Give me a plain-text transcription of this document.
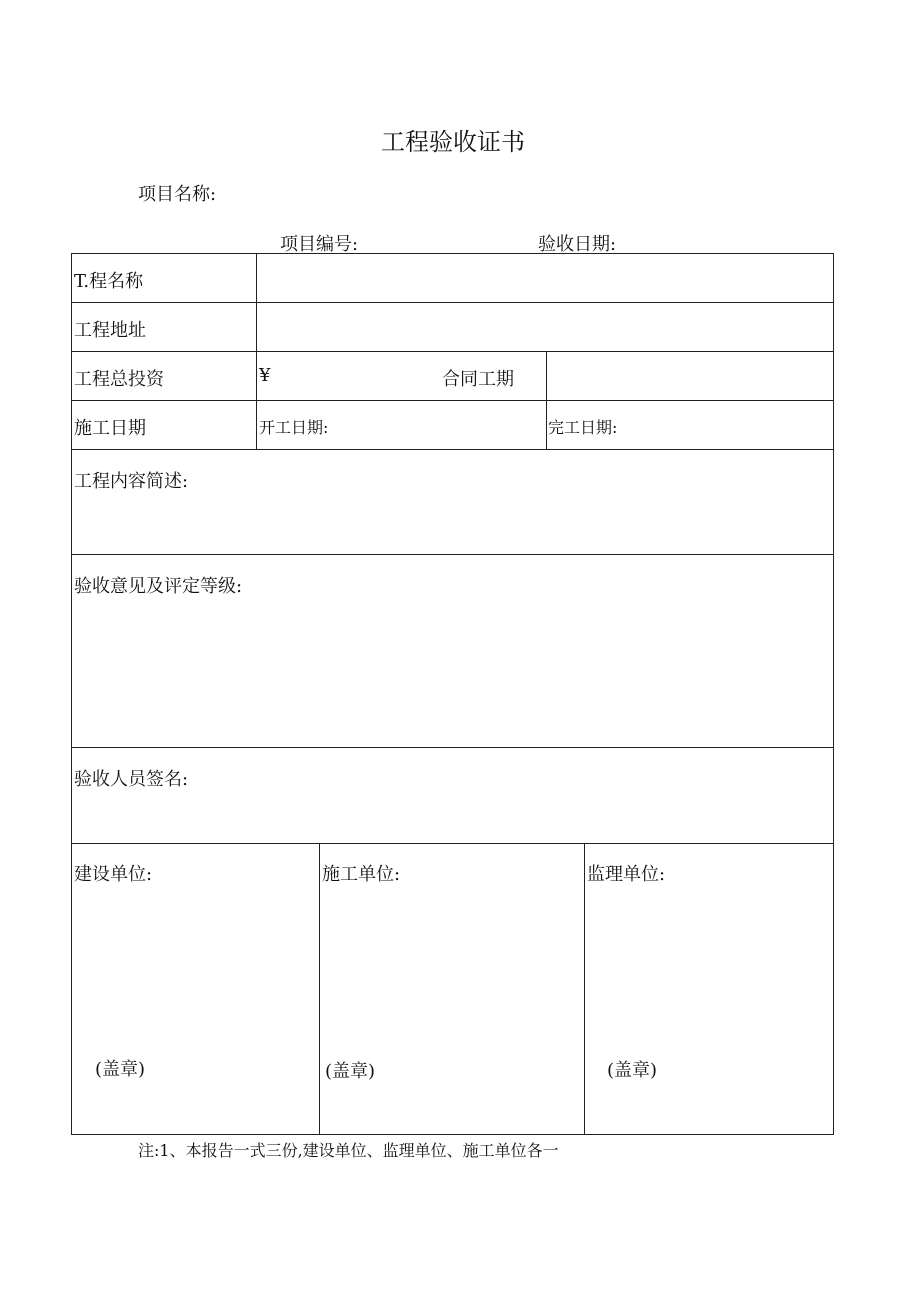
工程验收证书
项目名称:
项目编号:	验收日期:
T.程名称
工程地址
工程总投资	¥	合同工期
施工日期	开工日期:	完工日期:
工程内容简述:
验收意见及评定等级:
验收人员签名:
建设单位:	施工单位:	监理单位:
(盖章)	(盖章)	(盖章)
注:1、本报告一式三份,建设单位、监理单位、施工单位各一
